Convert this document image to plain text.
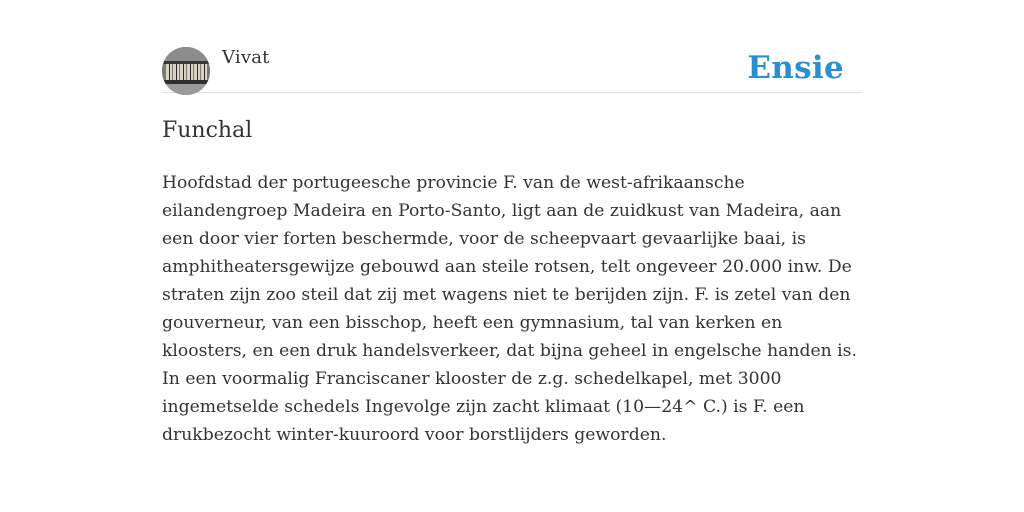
Vivat	Ensie
Funchal

Hoofdstad der portugeesche provincie F. van de west-afrikaansche eilandengroep Madeira en Porto-Santo, ligt aan de zuidkust van Madeira, aan een door vier forten beschermde, voor de scheepvaart gevaarlijke baai, is amphitheatersgewijze gebouwd aan steile rotsen, telt ongeveer 20.000 inw. De straten zijn zoo steil dat zij met wagens niet te berijden zijn. F. is zetel van den gouverneur, van een bisschop, heeft een gymnasium, tal van kerken en kloosters, en een druk handelsverkeer, dat bijna geheel in engelsche handen is. In een voormalig Franciscaner klooster de z.g. schedelkapel, met 3000 ingemetselde schedels Ingevolge zijn zacht klimaat (10—24^ C.) is F. een drukbezocht winter-kuuroord voor borstlijders geworden.
